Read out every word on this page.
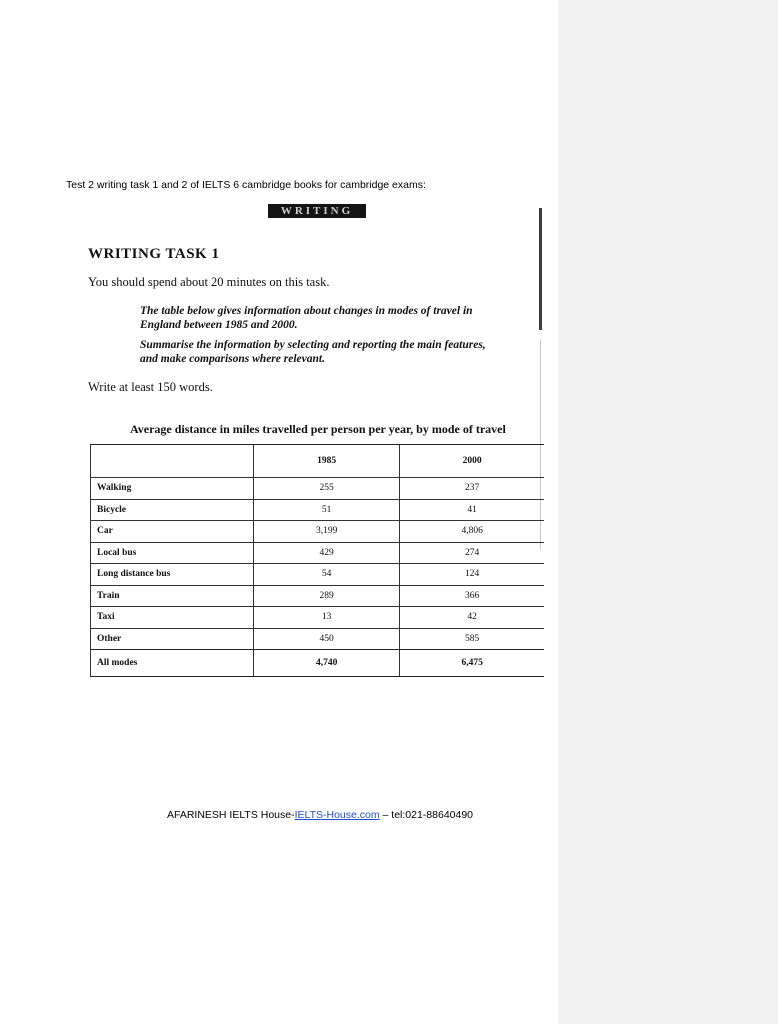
Test 2 writing task 1 and 2 of IELTS 6 cambridge books for cambridge exams:
WRITING
WRITING TASK 1
You should spend about 20 minutes on this task.
The table below gives information about changes in modes of travel in England between 1985 and 2000.
Summarise the information by selecting and reporting the main features, and make comparisons where relevant.
Write at least 150 words.
Average distance in miles travelled per person per year, by mode of travel
	1985	2000
Walking	255	237
Bicycle	51	41
Car	3,199	4,806
Local bus	429	274
Long distance bus	54	124
Train	289	366
Taxi	13	42
Other	450	585
All modes	4,740	6,475
AFARINESH IELTS House-IELTS-House.com – tel:021-88640490
